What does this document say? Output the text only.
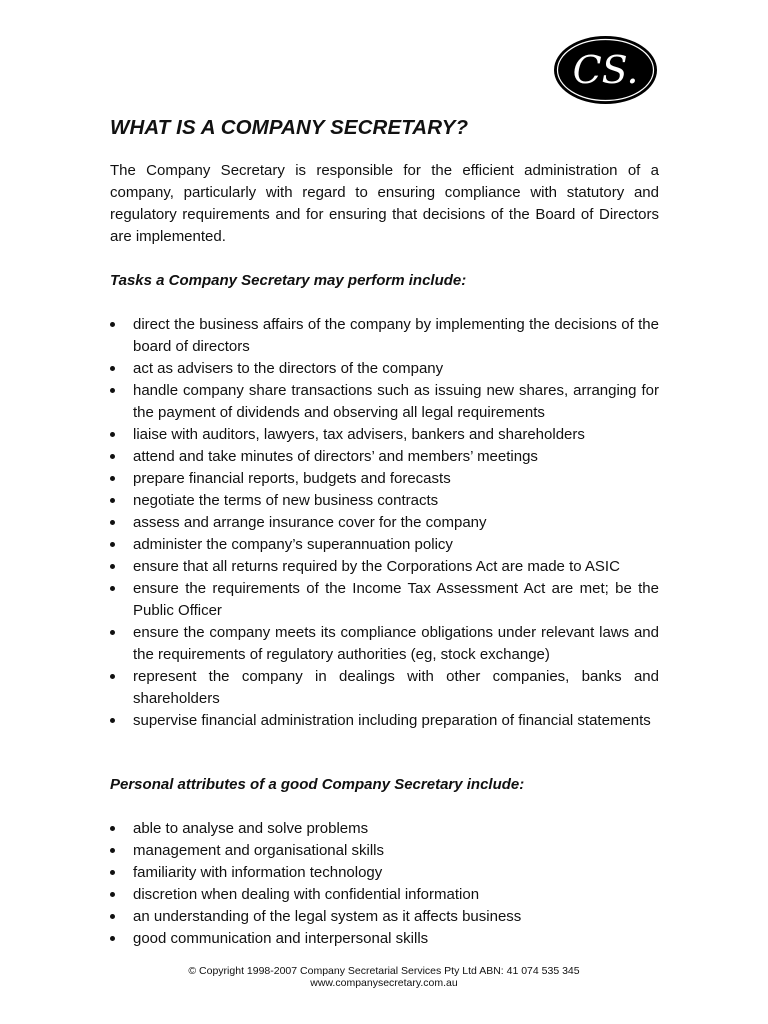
CS.
WHAT IS A COMPANY SECRETARY?

The Company Secretary is responsible for the efficient administration of a company, particularly with regard to ensuring compliance with statutory and regulatory requirements and for ensuring that decisions of the Board of Directors are implemented.

Tasks a Company Secretary may perform include:
direct the business affairs of the company by implementing the decisions of the board of directors
act as advisers to the directors of the company
handle company share transactions such as issuing new shares, arranging for the payment of dividends and observing all legal requirements
liaise with auditors, lawyers, tax advisers, bankers and shareholders
attend and take minutes of directors’ and members’ meetings
prepare financial reports, budgets and forecasts
negotiate the terms of new business contracts
assess and arrange insurance cover for the company
administer the company’s superannuation policy
ensure that all returns required by the Corporations Act are made to ASIC
ensure the requirements of the Income Tax Assessment Act are met; be the Public Officer
ensure the company meets its compliance obligations under relevant laws and the requirements of regulatory authorities (eg, stock exchange)
represent the company in dealings with other companies, banks and shareholders
supervise financial administration including preparation of financial statements
Personal attributes of a good Company Secretary include:
able to analyse and solve problems
management and organisational skills
familiarity with information technology
discretion when dealing with confidential information
an understanding of the legal system as it affects business
good communication and interpersonal skills
© Copyright 1998-2007 Company Secretarial Services Pty Ltd ABN: 41 074 535 345
www.companysecretary.com.au
